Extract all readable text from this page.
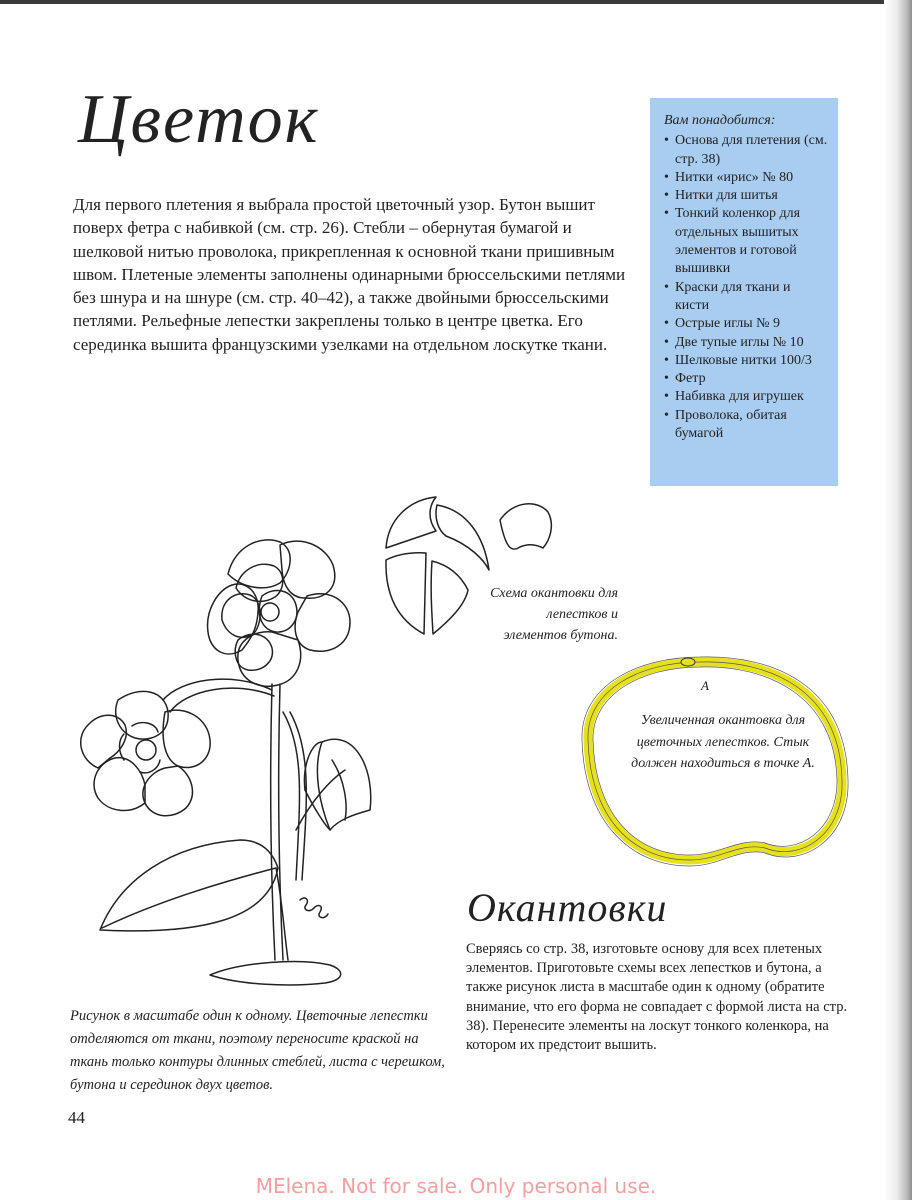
Цветок

Для первого плетения я выбрала простой цветочный узор. Бутон вышит поверх фетра с набивкой (см. стр. 26). Стебли – обернутая бумагой и шелковой нитью проволока, прикрепленная к основной ткани пришивным швом. Плетеные элементы заполнены одинарными брюссельскими петлями без шнура и на шнуре (см. стр. 40–42), а также двойными брюссельскими петлями. Рельефные лепестки закреплены только в центре цветка. Его серединка вышита французскими узелками на отдельном лоскутке ткани.

Вам понадобится:
• Основа для плетения (см. стр. 38)
• Нитки «ирис» № 80
• Нитки для шитья
• Тонкий коленкор для отдельных вышитых элементов и готовой вышивки
• Краски для ткани и кисти
• Острые иглы № 9
• Две тупые иглы № 10
• Шелковые нитки 100/3
• Фетр
• Набивка для игрушек
• Проволока, обитая бумагой

Схема окантовки для лепестков и элементов бутона.

А

Увеличенная окантовка для цветочных лепестков. Стык должен находиться в точке А.

Рисунок в масштабе один к одному. Цветочные лепестки отделяются от ткани, поэтому переносите краской на ткань только контуры длинных стеблей, листа с черешком, бутона и серединок двух цветов.

Окантовки

Сверяясь со стр. 38, изготовьте основу для всех плетеных элементов. Приготовьте схемы всех лепестков и бутона, а также рисунок листа в масштабе один к одному (обратите внимание, что его форма не совпадает с формой листа на стр. 38). Перенесите элементы на лоскут тонкого коленкора, на котором их предстоит вышить.

44
MElena. Not for sale. Only personal use.
